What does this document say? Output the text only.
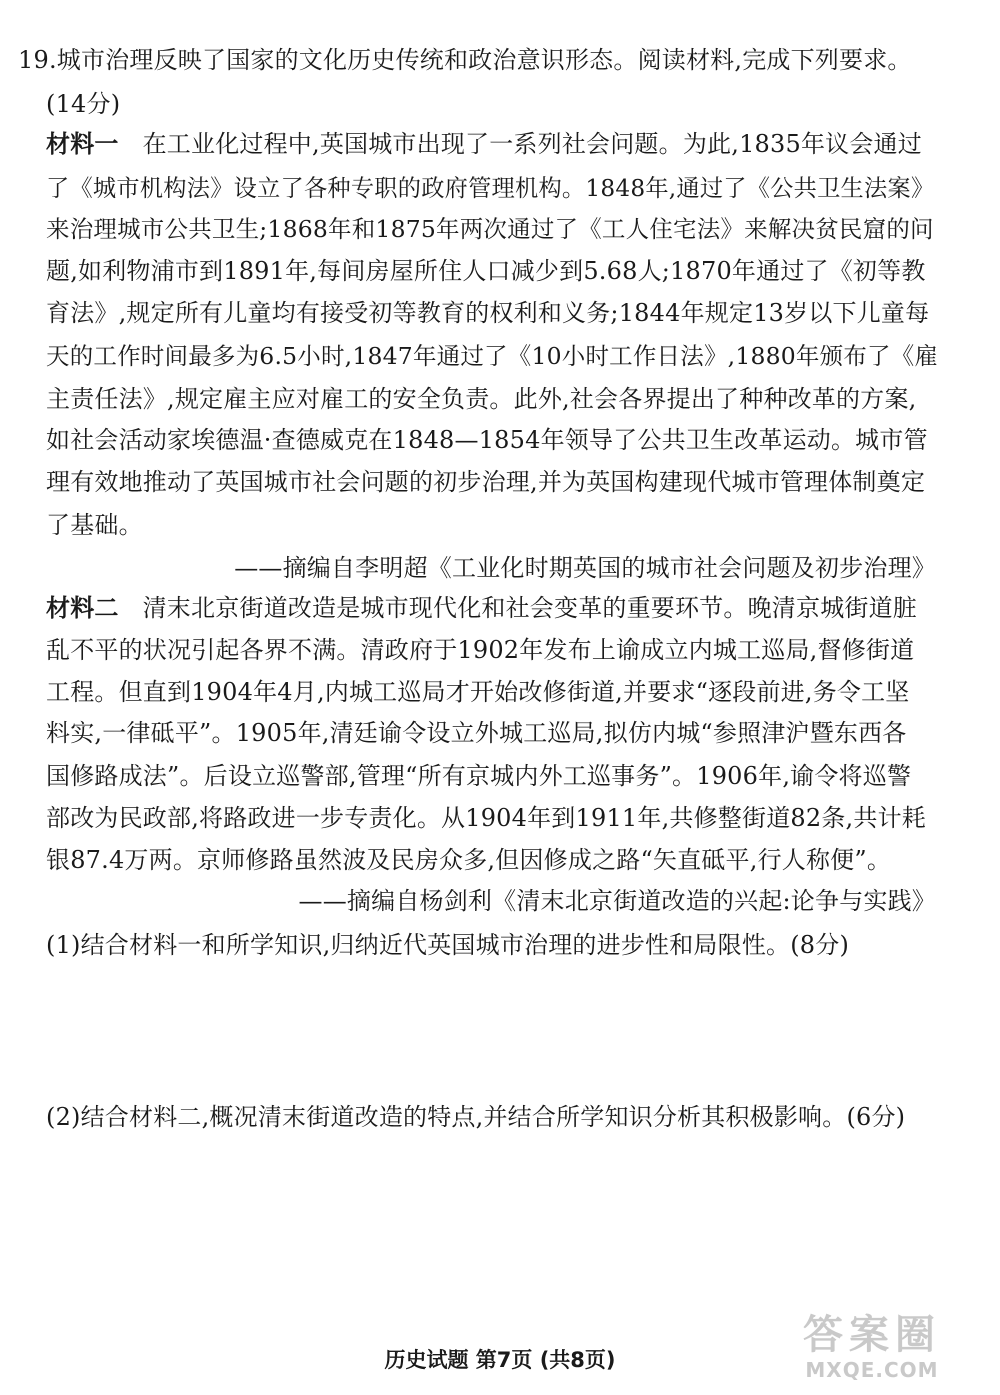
19.城市治理反映了国家的文化历史传统和政治意识形态。阅读材料,完成下列要求。
(14分)
材料一 在工业化过程中,英国城市出现了一系列社会问题。为此,1835年议会通过
了《城市机构法》设立了各种专职的政府管理机构。1848年,通过了《公共卫生法案》
来治理城市公共卫生;1868年和1875年两次通过了《工人住宅法》来解决贫民窟的问
题,如利物浦市到1891年,每间房屋所住人口减少到5.68人;1870年通过了《初等教
育法》,规定所有儿童均有接受初等教育的权利和义务;1844年规定13岁以下儿童每
天的工作时间最多为6.5小时,1847年通过了《10小时工作日法》,1880年颁布了《雇
主责任法》,规定雇主应对雇工的安全负责。此外,社会各界提出了种种改革的方案,
如社会活动家埃德温·查德威克在1848—1854年领导了公共卫生改革运动。城市管
理有效地推动了英国城市社会问题的初步治理,并为英国构建现代城市管理体制奠定
了基础。
——摘编自李明超《工业化时期英国的城市社会问题及初步治理》
材料二 清末北京街道改造是城市现代化和社会变革的重要环节。晚清京城街道脏
乱不平的状况引起各界不满。清政府于1902年发布上谕成立内城工巡局,督修街道
工程。但直到1904年4月,内城工巡局才开始改修街道,并要求“逐段前进,务令工坚
料实,一律砥平”。1905年,清廷谕令设立外城工巡局,拟仿内城“参照津沪暨东西各
国修路成法”。后设立巡警部,管理“所有京城内外工巡事务”。1906年,谕令将巡警
部改为民政部,将路政进一步专责化。从1904年到1911年,共修整街道82条,共计耗
银87.4万两。京师修路虽然波及民房众多,但因修成之路“矢直砥平,行人称便”。
——摘编自杨剑利《清末北京街道改造的兴起:论争与实践》
(1)结合材料一和所学知识,归纳近代英国城市治理的进步性和局限性。(8分)
(2)结合材料二,概况清末街道改造的特点,并结合所学知识分析其积极影响。(6分)
历史试题 第7页 (共8页)
答案圈
MXQE.COM
